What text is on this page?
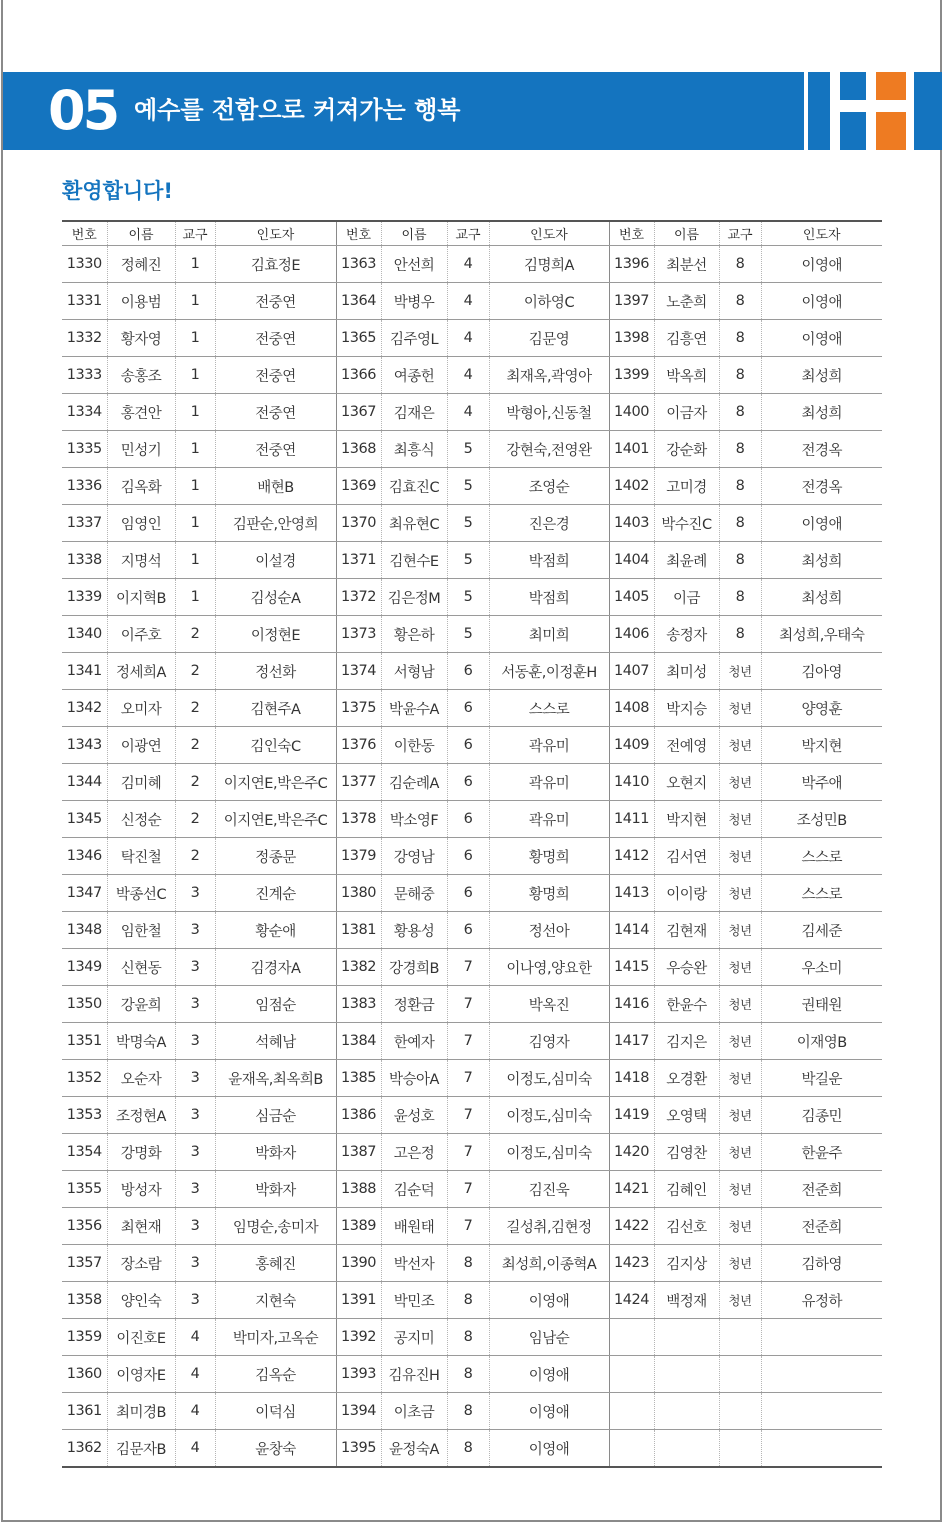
05 예수를 전함으로 커져가는 행복
환영합니다!
번호	이름	교구	인도자	번호	이름	교구	인도자	번호	이름	교구	인도자
1330	정혜진	1	김효정E	1363	안선희	4	김명희A	1396	최분선	8	이영애
1331	이용범	1	전중연	1364	박병우	4	이하영C	1397	노춘희	8	이영애
1332	황자영	1	전중연	1365	김주영L	4	김문영	1398	김흥연	8	이영애
1333	송홍조	1	전중연	1366	여종헌	4	최재옥,곽영아	1399	박옥희	8	최성희
1334	홍견안	1	전중연	1367	김재은	4	박형아,신동철	1400	이금자	8	최성희
1335	민성기	1	전중연	1368	최흥식	5	강현숙,전영완	1401	강순화	8	전경옥
1336	김옥화	1	배현B	1369	김효진C	5	조영순	1402	고미경	8	전경옥
1337	임영인	1	김판순,안영희	1370	최유현C	5	진은경	1403	박수진C	8	이영애
1338	지명석	1	이설경	1371	김현수E	5	박점희	1404	최윤례	8	최성희
1339	이지혁B	1	김성순A	1372	김은정M	5	박점희	1405	이금	8	최성희
1340	이주호	2	이정현E	1373	황은하	5	최미희	1406	송정자	8	최성희,우태숙
1341	정세희A	2	정선화	1374	서형남	6	서동훈,이정훈H	1407	최미성	청년	김아영
1342	오미자	2	김현주A	1375	박윤수A	6	스스로	1408	박지승	청년	양영훈
1343	이광연	2	김인숙C	1376	이한동	6	곽유미	1409	전예영	청년	박지현
1344	김미혜	2	이지연E,박은주C	1377	김순례A	6	곽유미	1410	오현지	청년	박주애
1345	신정순	2	이지연E,박은주C	1378	박소영F	6	곽유미	1411	박지현	청년	조성민B
1346	탁진철	2	정종문	1379	강영남	6	황명희	1412	김서연	청년	스스로
1347	박종선C	3	진계순	1380	문해중	6	황명희	1413	이이랑	청년	스스로
1348	임한철	3	황순애	1381	황용성	6	정선아	1414	김현재	청년	김세준
1349	신현동	3	김경자A	1382	강경희B	7	이나영,양요한	1415	우승완	청년	우소미
1350	강윤희	3	임점순	1383	정환금	7	박옥진	1416	한윤수	청년	권태원
1351	박명숙A	3	석혜남	1384	한예자	7	김영자	1417	김지은	청년	이재영B
1352	오순자	3	윤재옥,최옥희B	1385	박승아A	7	이정도,심미숙	1418	오경환	청년	박길운
1353	조정현A	3	심금순	1386	윤성호	7	이정도,심미숙	1419	오영택	청년	김종민
1354	강명화	3	박화자	1387	고은정	7	이정도,심미숙	1420	김영찬	청년	한윤주
1355	방성자	3	박화자	1388	김순덕	7	김진욱	1421	김혜인	청년	전준희
1356	최현재	3	임명순,송미자	1389	배원태	7	길성취,김현정	1422	김선호	청년	전준희
1357	장소람	3	홍혜진	1390	박선자	8	최성희,이종혁A	1423	김지상	청년	김하영
1358	양인숙	3	지현숙	1391	박민조	8	이영애	1424	백정재	청년	유정하
1359	이진호E	4	박미자,고옥순	1392	공지미	8	임남순				
1360	이영자E	4	김옥순	1393	김유진H	8	이영애				
1361	최미경B	4	이덕심	1394	이초금	8	이영애				
1362	김문자B	4	윤창숙	1395	윤정숙A	8	이영애				
